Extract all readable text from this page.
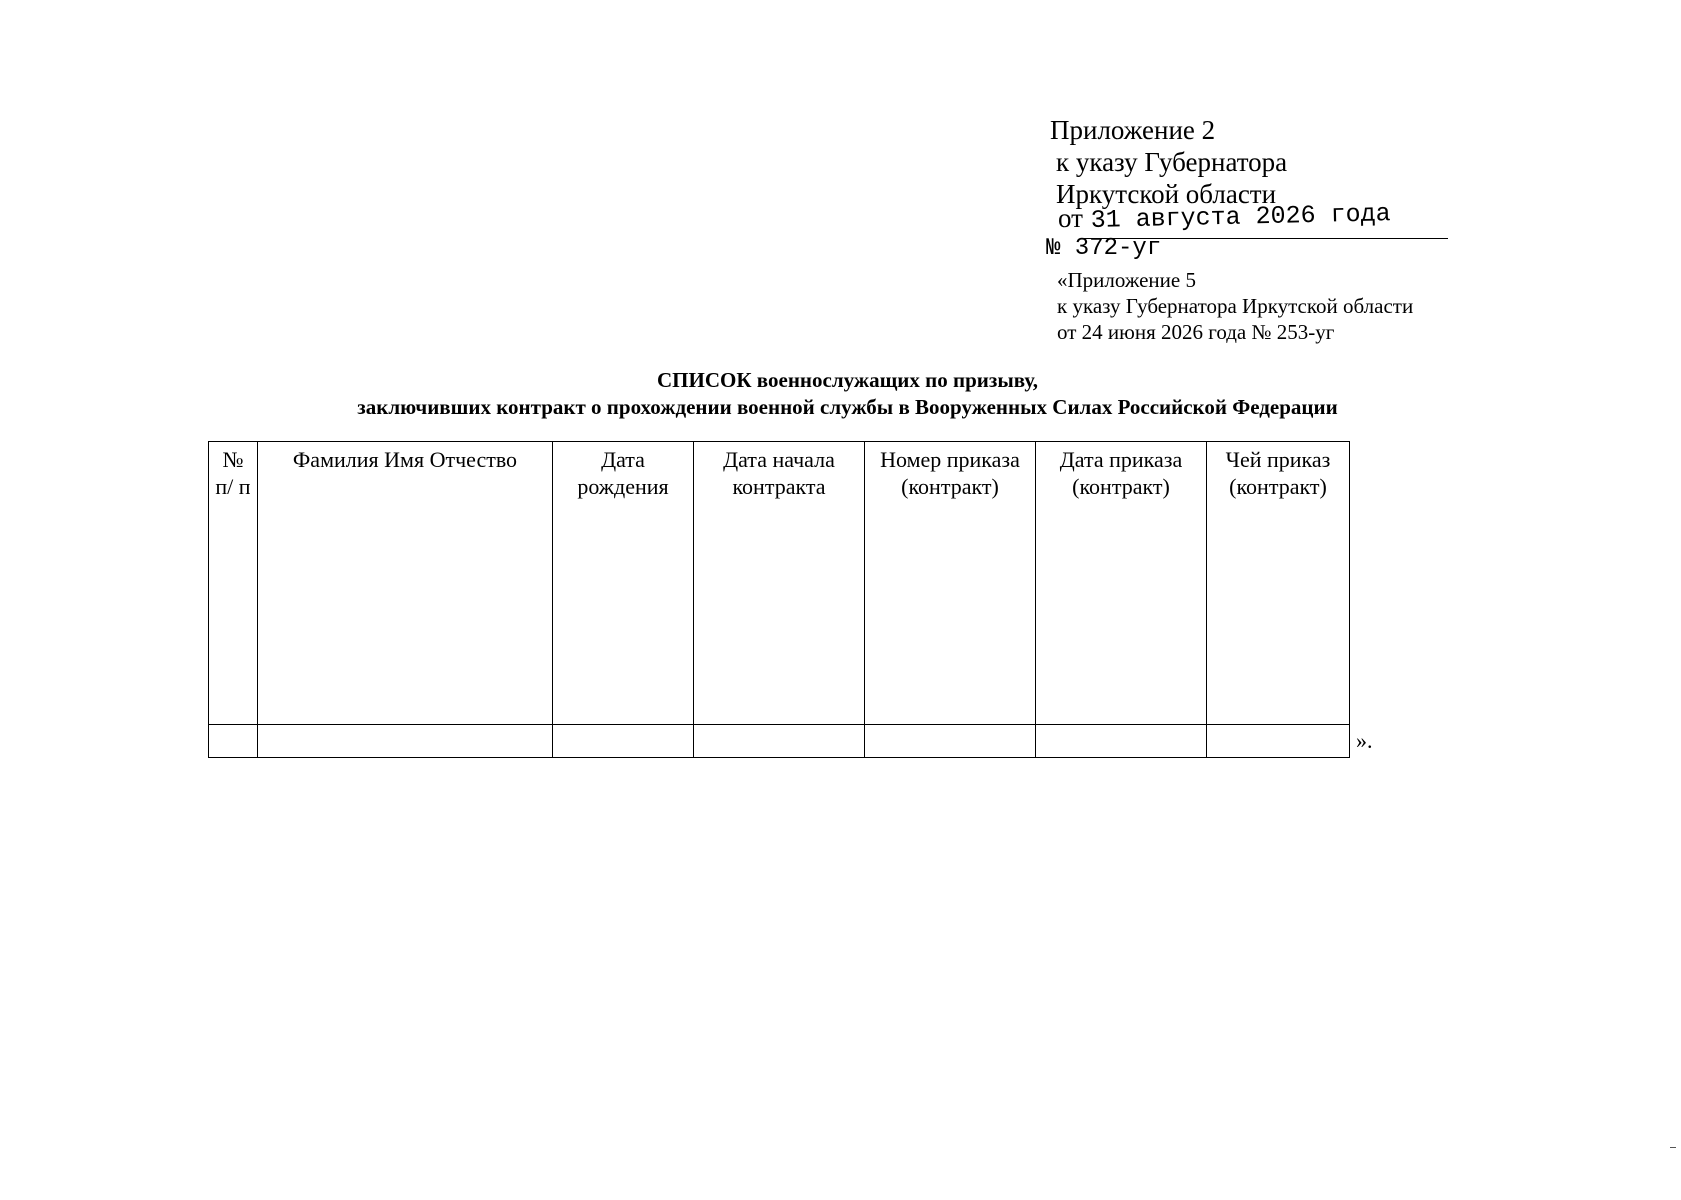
Приложение 2
к указу Губернатора
Иркутской области
от 31 августа 2026 года
№ 372-уг
«Приложение 5
к указу Губернатора Иркутской области
от 24 июня 2026 года № 253-уг
СПИСОК военнослужащих по призыву,
заключивших контракт о прохождении военной службы в Вооруженных Силах Российской Федерации
№ п/ п	Фамилия Имя Отчество	Дата рождения	Дата начала контракта	Номер приказа (контракт)	Дата приказа (контракт)	Чей приказ (контракт)

».
